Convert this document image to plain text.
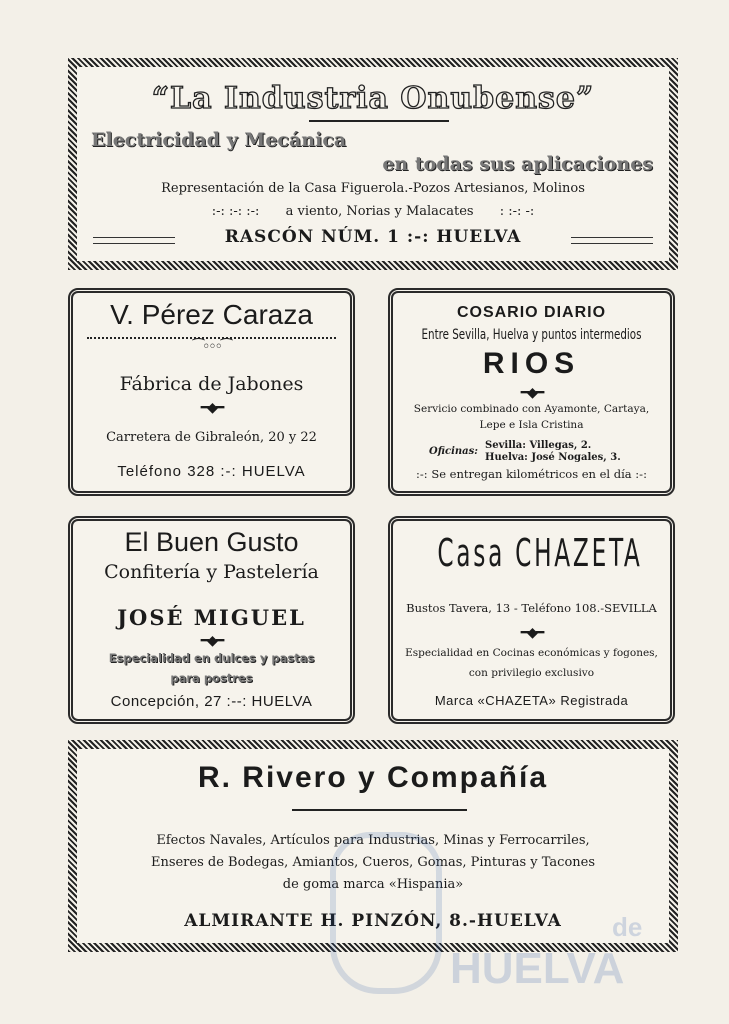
“La Industria Onubense”
Electricidad y Mecánica
en todas sus aplicaciones
Representación de la Casa Figuerola.-Pozos Artesianos, Molinos
:-: :-: :-: a viento, Norias y Malacates : :-: -:
RASCÓN NÚM. 1 :-: HUELVA
V. Pérez Caraza
⁀◦◦◦⁀
Fábrica de Jabones
━◆━
Carretera de Gibraleón, 20 y 22
Teléfono 328 :-: HUELVA
COSARIO DIARIO
Entre Sevilla, Huelva y puntos intermedios
RIOS
━◆━
Servicio combinado con Ayamonte, Cartaya,
Lepe e Isla Cristina
Oficinas:
Sevilla: Villegas, 2.
Huelva: José Nogales, 3.
:-: Se entregan kilométricos en el día :-:
El Buen Gusto
Confitería y Pastelería
JOSÉ MIGUEL
━◆━
Especialidad en dulces y pastas
para postres
Concepción, 27 :--: HUELVA
Casa CHAZETA
Bustos Tavera, 13 - Teléfono 108.-SEVILLA
━◆━
Especialidad en Cocinas económicas y fogones,
con privilegio exclusivo
Marca «CHAZETA» Registrada
R. Rivero y Compañía
Efectos Navales, Artículos para Industrias, Minas y Ferrocarriles,
Enseres de Bodegas, Amiantos, Cueros, Gomas, Pinturas y Tacones
de goma marca «Hispania»
ALMIRANTE H. PINZÓN, 8.-HUELVA	de
HUELVA
